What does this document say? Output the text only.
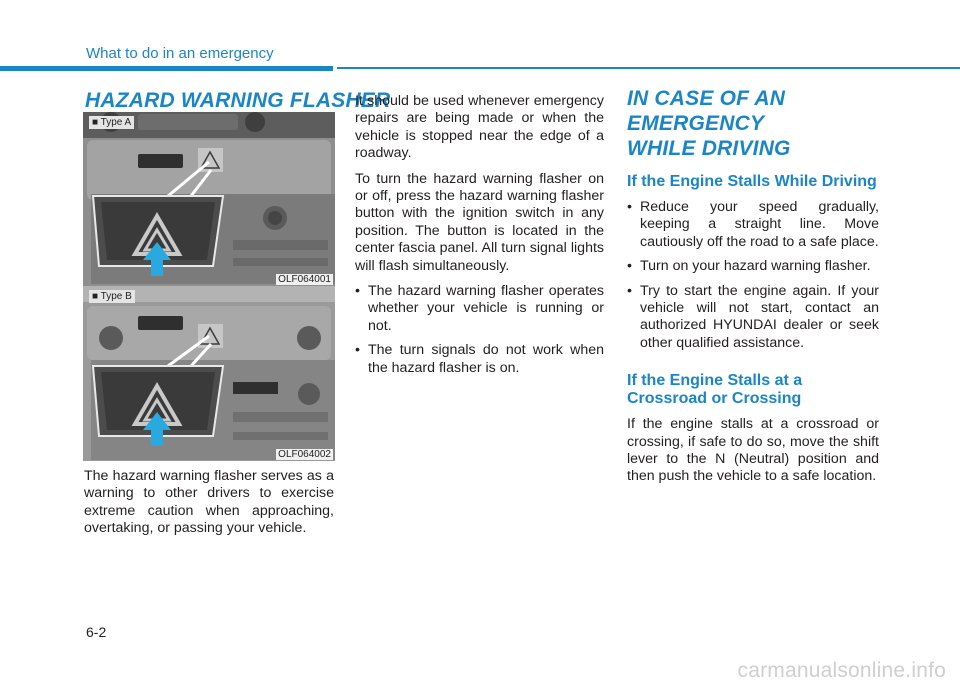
What to do in an emergency
HAZARD WARNING FLASHER
■ Type A
OLF064001
■ Type B
OLF064002

The hazard warning flasher serves as a warning to other drivers to exercise extreme caution when approaching, overtaking, or passing your vehicle.

It should be used whenever emergency repairs are being made or when the vehicle is stopped near the edge of a roadway.

To turn the hazard warning flasher on or off, press the hazard warning flasher button with the ignition switch in any position. The button is located in the center fascia panel. All turn signal lights will flash simultaneously.

• The hazard warning flasher operates whether your vehicle is running or not.
• The turn signals do not work when the hazard flasher is on.
IN CASE OF AN EMERGENCY
WHILE DRIVING
If the Engine Stalls While Driving
• Reduce your speed gradually, keeping a straight line. Move cautiously off the road to a safe place.
• Turn on your hazard warning flasher.
• Try to start the engine again. If your vehicle will not start, contact an authorized HYUNDAI dealer or seek other qualified assistance.
If the Engine Stalls at a Crossroad or Crossing

If the engine stalls at a crossroad or crossing, if safe to do so, move the shift lever to the N (Neutral) position and then push the vehicle to a safe location.

6-2
carmanualsonline.info
